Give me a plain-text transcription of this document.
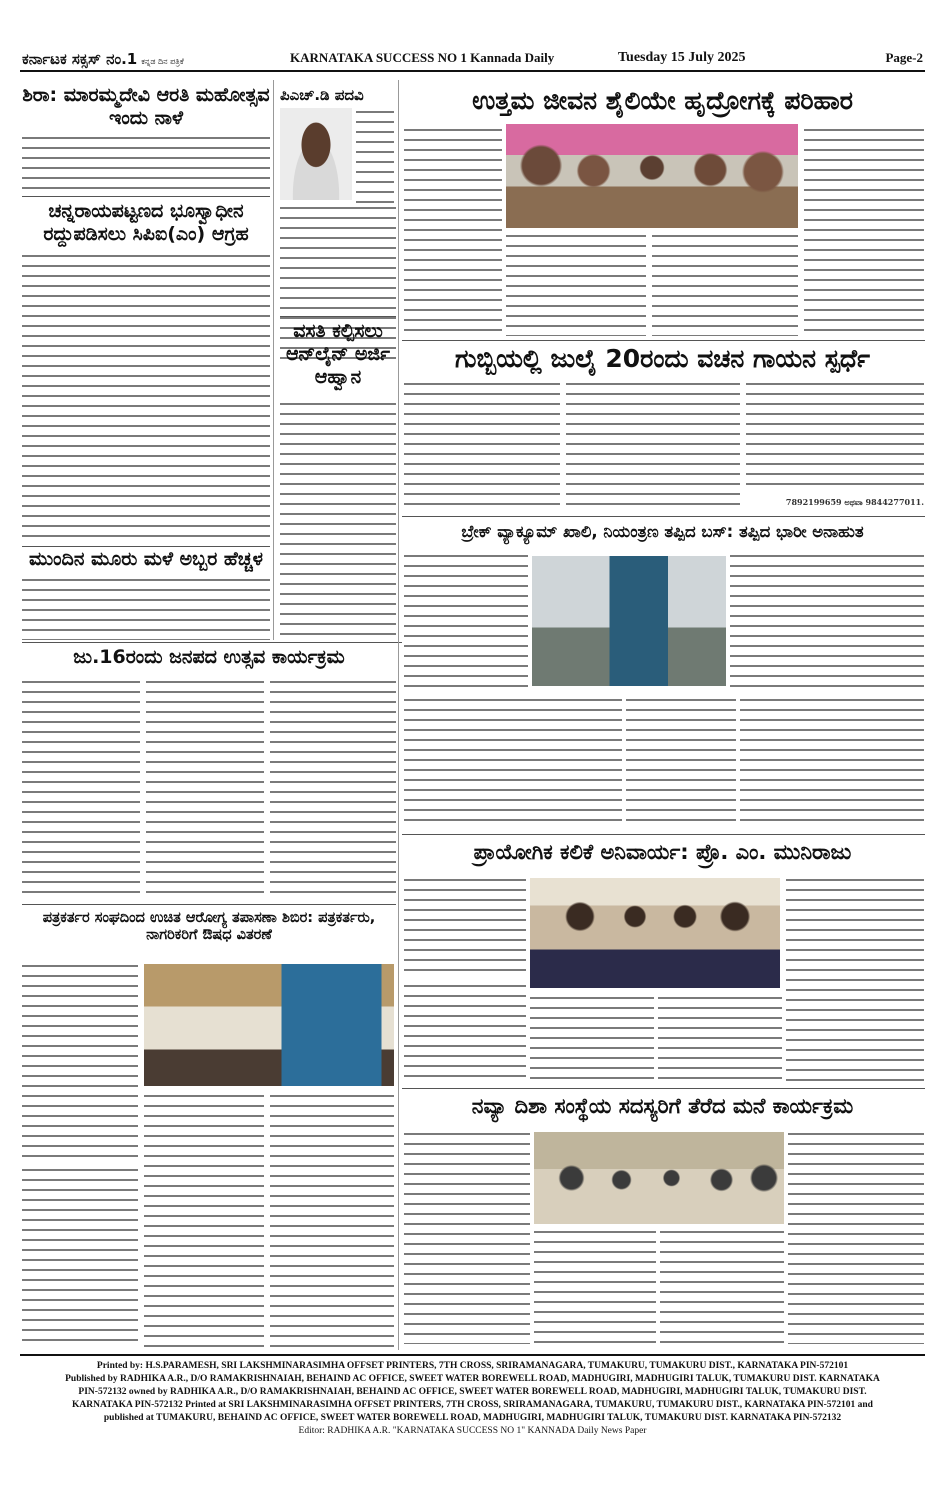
ಕರ್ನಾಟಕ ಸಕ್ಸಸ್ ನಂ.1 ಕನ್ನಡ ದಿನ ಪತ್ರಿಕೆ	KARNATAKA SUCCESS NO 1 Kannada Daily	Tuesday 15 July 2025	Page-2
ಶಿರಾ: ಮಾರಮ್ಮದೇವಿ ಆರತಿ ಮಹೋತ್ಸವ ಇಂದು ನಾಳೆ
ಚನ್ನರಾಯಪಟ್ಟಣದ ಭೂಸ್ವಾಧೀನ ರದ್ದುಪಡಿಸಲು ಸಿಪಿಐ(ಎಂ) ಆಗ್ರಹ
ಮುಂದಿನ ಮೂರು ಮಳೆ ಅಬ್ಬರ ಹೆಚ್ಚಳ
ಪಿಎಚ್.ಡಿ ಪದವಿ
ವಸತಿ ಕಲ್ಪಿಸಲು ಆನ್‌ಲೈನ್ ಅರ್ಜಿ ಆಹ್ವಾನ
ಉತ್ತಮ ಜೀವನ ಶೈಲಿಯೇ ಹೃದ್ರೋಗಕ್ಕೆ ಪರಿಹಾರ
ಗುಬ್ಬಿಯಲ್ಲಿ ಜುಲೈ 20ರಂದು ವಚನ ಗಾಯನ ಸ್ಪರ್ಧೆ
7892199659 ಅಥವಾ 9844277011.
ಬ್ರೇಕ್ ವ್ಯಾಕ್ಯೂಮ್ ಖಾಲಿ, ನಿಯಂತ್ರಣ ತಪ್ಪಿದ ಬಸ್: ತಪ್ಪಿದ ಭಾರೀ ಅನಾಹುತ
ಜು.16ರಂದು ಜನಪದ ಉತ್ಸವ ಕಾರ್ಯಕ್ರಮ
ಪತ್ರಕರ್ತರ ಸಂಘದಿಂದ ಉಚಿತ ಆರೋಗ್ಯ ತಪಾಸಣಾ ಶಿಬಿರ: ಪತ್ರಕರ್ತರು, ನಾಗರಿಕರಿಗೆ ಔಷಧ ವಿತರಣೆ
ಪ್ರಾಯೋಗಿಕ ಕಲಿಕೆ ಅನಿವಾರ್ಯ: ಪ್ರೊ. ಎಂ. ಮುನಿರಾಜು
ನವ್ಯಾ ದಿಶಾ ಸಂಸ್ಥೆಯ ಸದಸ್ಯರಿಗೆ ತೆರೆದ ಮನೆ ಕಾರ್ಯಕ್ರಮ
Printed by: H.S.PARAMESH, SRI LAKSHMINARASIMHA OFFSET PRINTERS, 7TH CROSS, SRIRAMANAGARA, TUMAKURU, TUMAKURU DIST., KARNATAKA PIN-572101
Published by RADHIKA A.R., D/O RAMAKRISHNAIAH, BEHAIND AC OFFICE, SWEET WATER BOREWELL ROAD, MADHUGIRI, MADHUGIRI TALUK, TUMAKURU DIST. KARNATAKA
PIN-572132 owned by RADHIKA A.R., D/O RAMAKRISHNAIAH, BEHAIND AC OFFICE, SWEET WATER BOREWELL ROAD, MADHUGIRI, MADHUGIRI TALUK, TUMAKURU DIST.
KARNATAKA PIN-572132 Printed at SRI LAKSHMINARASIMHA OFFSET PRINTERS, 7TH CROSS, SRIRAMANAGARA, TUMAKURU, TUMAKURU DIST., KARNATAKA PIN-572101 and
published at TUMAKURU, BEHAIND AC OFFICE, SWEET WATER BOREWELL ROAD, MADHUGIRI, MADHUGIRI TALUK, TUMAKURU DIST. KARNATAKA PIN-572132
Editor: RADHIKA A.R. "KARNATAKA SUCCESS NO 1" KANNADA Daily News Paper
